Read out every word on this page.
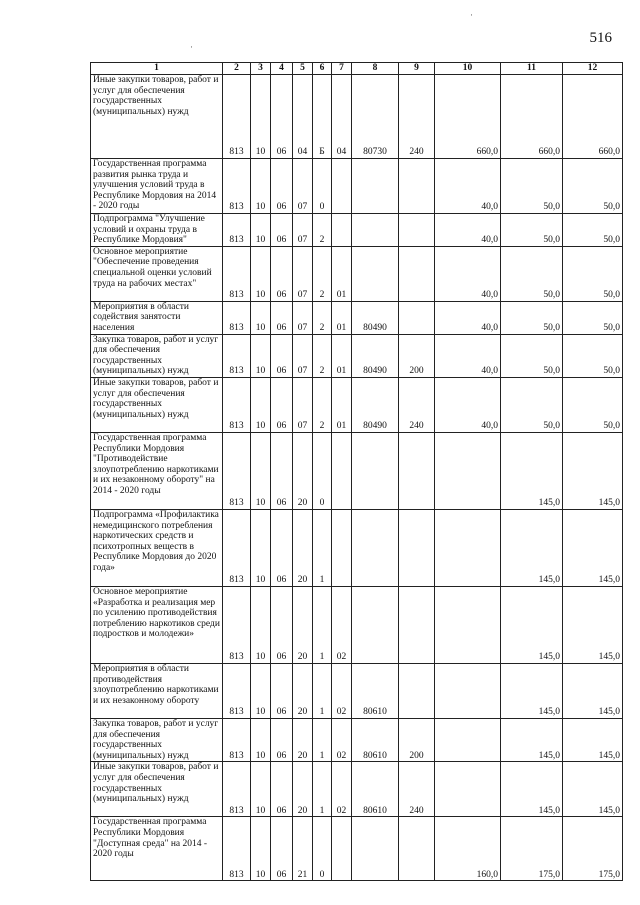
516
·
·
1	2	3	4	5	6	7	8	9	10	11	12

Иные закупки товаров, работ и услуг для обеспечения государственных (муниципальных) нужд	813	10	06	04	Б	04	80730	240	660,0	660,0	660,0

Государственная программа развития рынка труда и улучшения условий труда в Республике Мордовия на 2014 - 2020 годы	813	10	06	07	0				40,0	50,0	50,0

Подпрограмма "Улучшение условий и охраны труда в Республике Мордовия"	813	10	06	07	2				40,0	50,0	50,0

Основное мероприятие "Обеспечение проведения специальной оценки условий труда на рабочих местах"	813	10	06	07	2	01			40,0	50,0	50,0

Мероприятия в области содействия занятости населения	813	10	06	07	2	01	80490		40,0	50,0	50,0

Закупка товаров, работ и услуг для обеспечения государственных (муниципальных) нужд	813	10	06	07	2	01	80490	200	40,0	50,0	50,0

Иные закупки товаров, работ и услуг для обеспечения государственных (муниципальных) нужд	813	10	06	07	2	01	80490	240	40,0	50,0	50,0

Государственная программа Республики Мордовия "Противодействие злоупотреблению наркотиками и их незаконному обороту" на 2014 - 2020 годы	813	10	06	20	0					145,0	145,0

Подпрограмма «Профилактика немедицинского потребления наркотических средств и психотропных веществ в Республике Мордовия до 2020 года»	813	10	06	20	1					145,0	145,0

Основное мероприятие «Разработка и реализация мер по усилению противодействия потреблению наркотиков среди подростков и молодежи»	813	10	06	20	1	02				145,0	145,0

Мероприятия в области противодействия злоупотреблению наркотиками и их незаконному обороту	813	10	06	20	1	02	80610			145,0	145,0

Закупка товаров, работ и услуг для обеспечения государственных (муниципальных) нужд	813	10	06	20	1	02	80610	200		145,0	145,0

Иные закупки товаров, работ и услуг для обеспечения государственных (муниципальных) нужд	813	10	06	20	1	02	80610	240		145,0	145,0

Государственная программа Республики Мордовия "Доступная среда" на 2014 - 2020 годы	813	10	06	21	0				160,0	175,0	175,0
